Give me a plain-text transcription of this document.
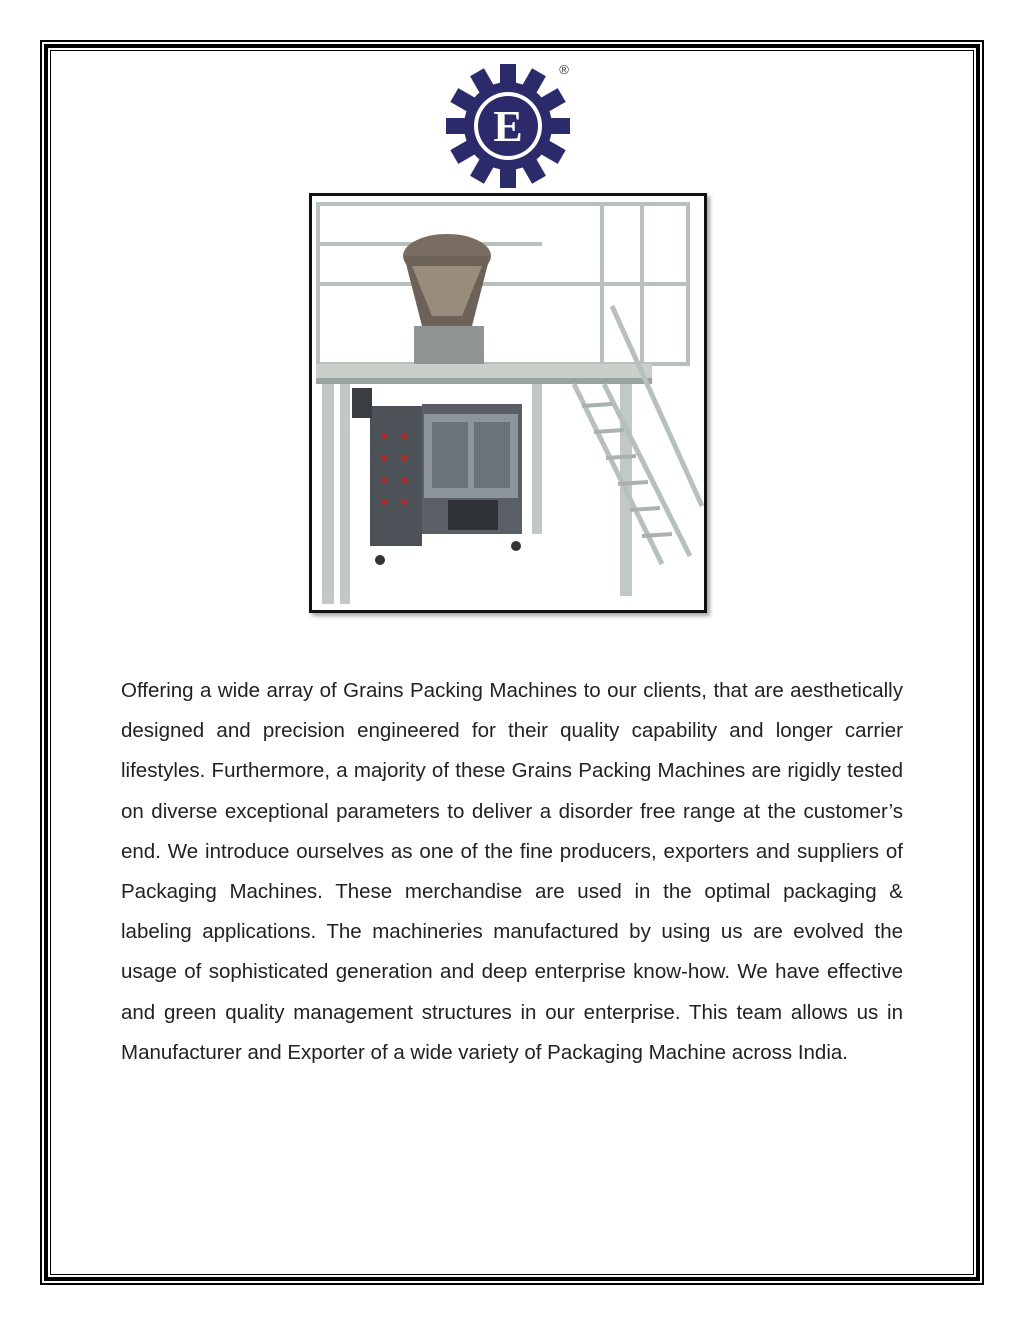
E
®

Offering a wide array of Grains Packing Machines to our clients, that are aesthetically designed and precision engineered for their quality capability and longer carrier lifestyles. Furthermore, a majority of these Grains Packing Machines are rigidly tested on diverse exceptional parameters to deliver a disorder free range at the customer’s end. We introduce ourselves as one of the fine producers, exporters and suppliers of Packaging Machines. These merchandise are used in the optimal packaging & labeling applications. The machineries manufactured by using us are evolved the usage of sophisticated generation and deep enterprise know-how. We have effective and green quality management structures in our enterprise. This team allows us in Manufacturer and Exporter of a wide variety of Packaging Machine across India.
